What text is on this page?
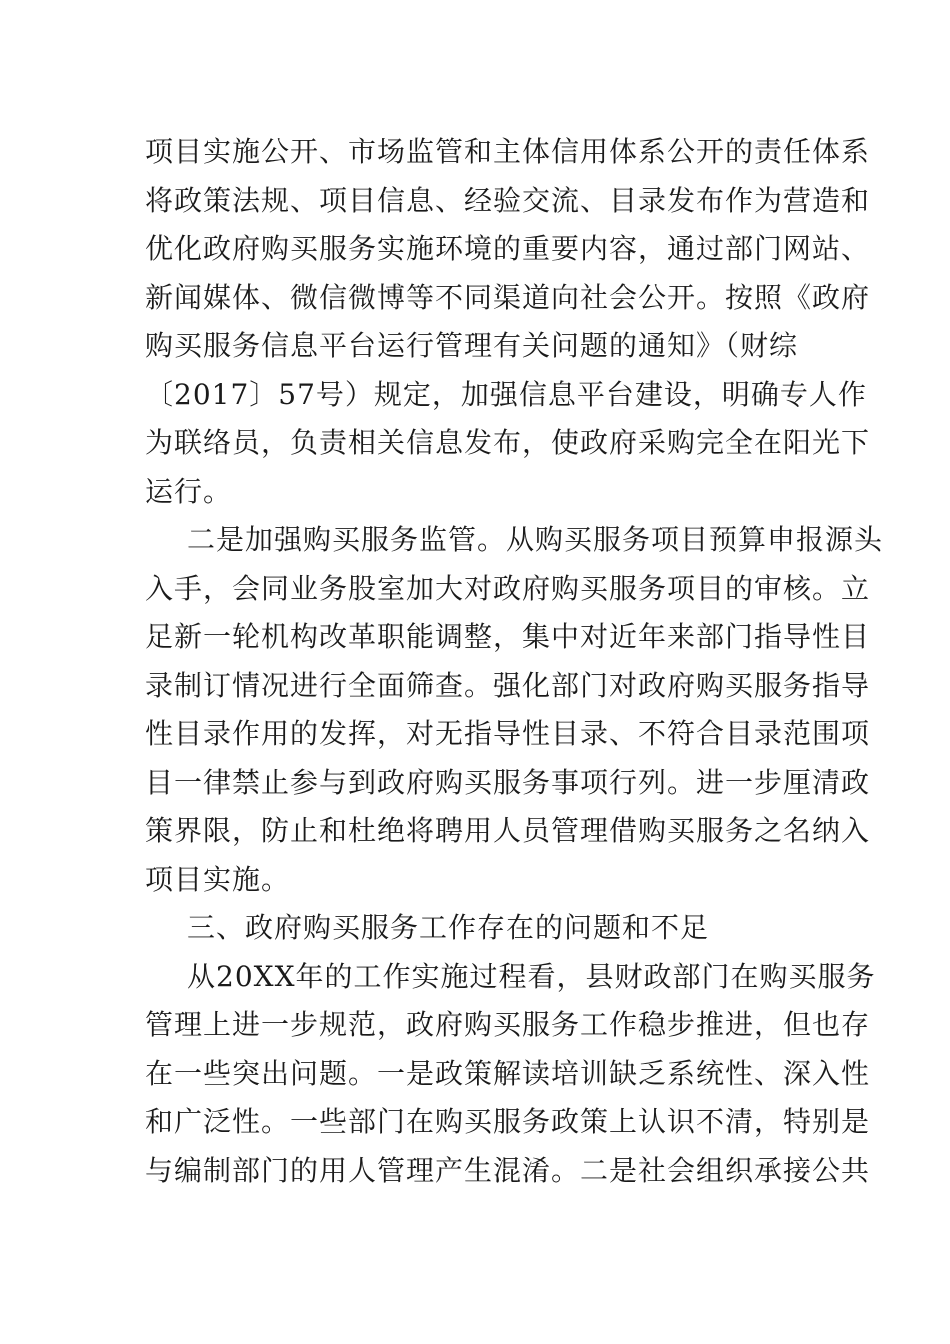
项目实施公开、市场监管和主体信用体系公开的责任体系
将政策法规、项目信息、经验交流、目录发布作为营造和
优化政府购买服务实施环境的重要内容，通过部门网站、
新闻媒体、微信微博等不同渠道向社会公开。按照《政府
购买服务信息平台运行管理有关问题的通知》（财综
〔2017〕57号）规定，加强信息平台建设，明确专人作
为联络员，负责相关信息发布，使政府采购完全在阳光下
运行。
二是加强购买服务监管。从购买服务项目预算申报源头
入手，会同业务股室加大对政府购买服务项目的审核。立
足新一轮机构改革职能调整，集中对近年来部门指导性目
录制订情况进行全面筛查。强化部门对政府购买服务指导
性目录作用的发挥，对无指导性目录、不符合目录范围项
目一律禁止参与到政府购买服务事项行列。进一步厘清政
策界限，防止和杜绝将聘用人员管理借购买服务之名纳入
项目实施。
三、政府购买服务工作存在的问题和不足
从20XX年的工作实施过程看，县财政部门在购买服务
管理上进一步规范，政府购买服务工作稳步推进，但也存
在一些突出问题。一是政策解读培训缺乏系统性、深入性
和广泛性。一些部门在购买服务政策上认识不清，特别是
与编制部门的用人管理产生混淆。二是社会组织承接公共
